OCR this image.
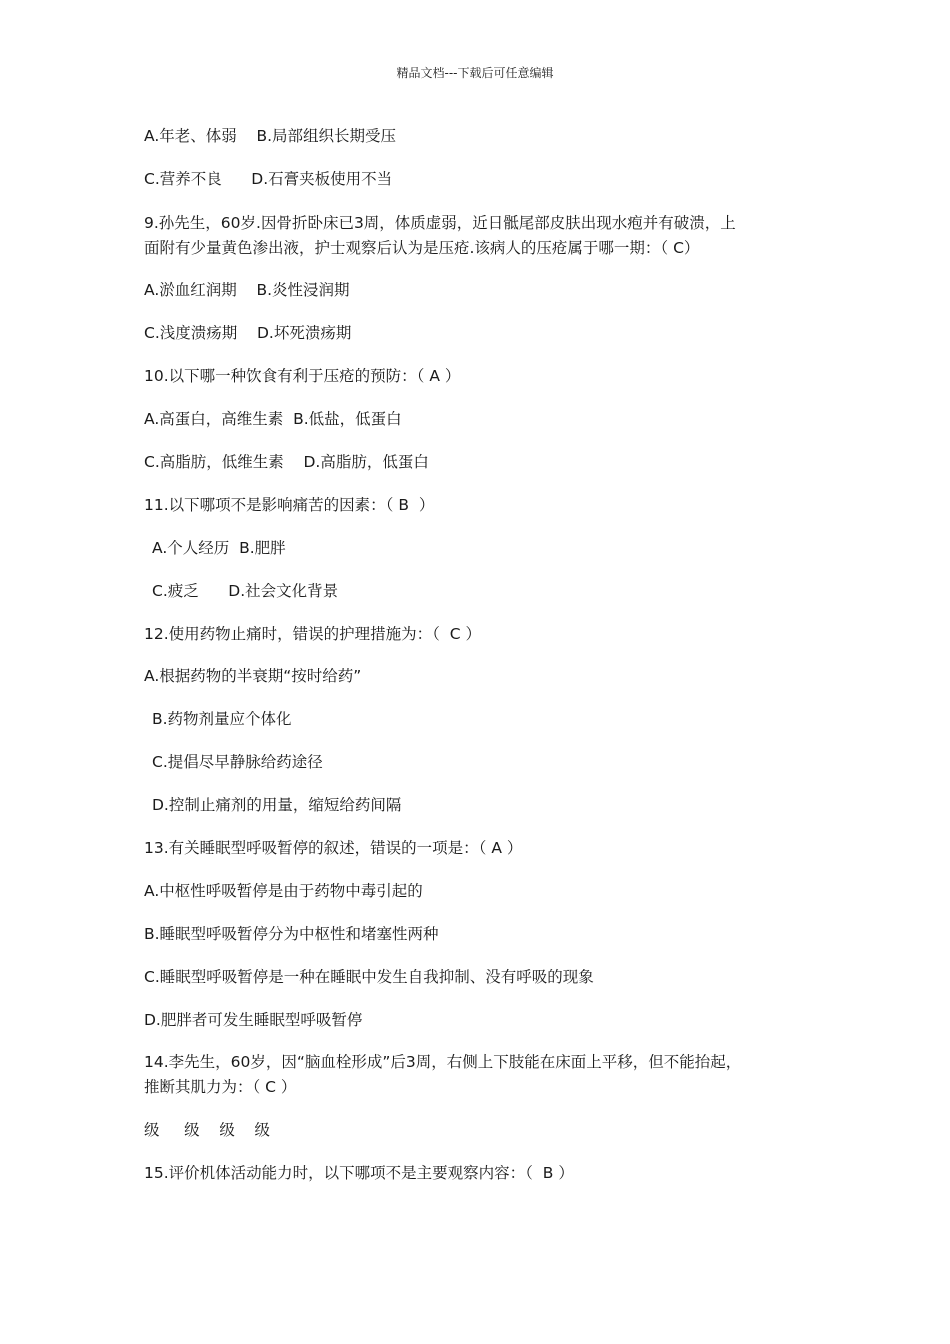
精品文档---下载后可任意编辑
A.年老、体弱    B.局部组织长期受压
C.营养不良      D.石膏夹板使用不当
9.孙先生，60岁.因骨折卧床已3周，体质虚弱，近日骶尾部皮肤出现水疱并有破溃，上
面附有少量黄色渗出液，护士观察后认为是压疮.该病人的压疮属于哪一期：（ C）
A.淤血红润期    B.炎性浸润期
C.浅度溃疡期    D.坏死溃疡期
10.以下哪一种饮食有利于压疮的预防：（ A ）
A.高蛋白，高维生素  B.低盐，低蛋白
C.高脂肪，低维生素    D.高脂肪，低蛋白
11.以下哪项不是影响痛苦的因素：（ B  ）
A.个人经历  B.肥胖
C.疲乏      D.社会文化背景
12.使用药物止痛时，错误的护理措施为：（  C ）
A.根据药物的半衰期“按时给药”
B.药物剂量应个体化
C.提倡尽早静脉给药途径
D.控制止痛剂的用量，缩短给药间隔
13.有关睡眠型呼吸暂停的叙述，错误的一项是：（ A ）
A.中枢性呼吸暂停是由于药物中毒引起的
B.睡眠型呼吸暂停分为中枢性和堵塞性两种
C.睡眠型呼吸暂停是一种在睡眠中发生自我抑制、没有呼吸的现象
D.肥胖者可发生睡眠型呼吸暂停
14.李先生，60岁，因“脑血栓形成”后3周，右侧上下肢能在床面上平移，但不能抬起，
推断其肌力为：（ C ）
级     级    级    级
15.评价机体活动能力时，以下哪项不是主要观察内容：（  B ）
